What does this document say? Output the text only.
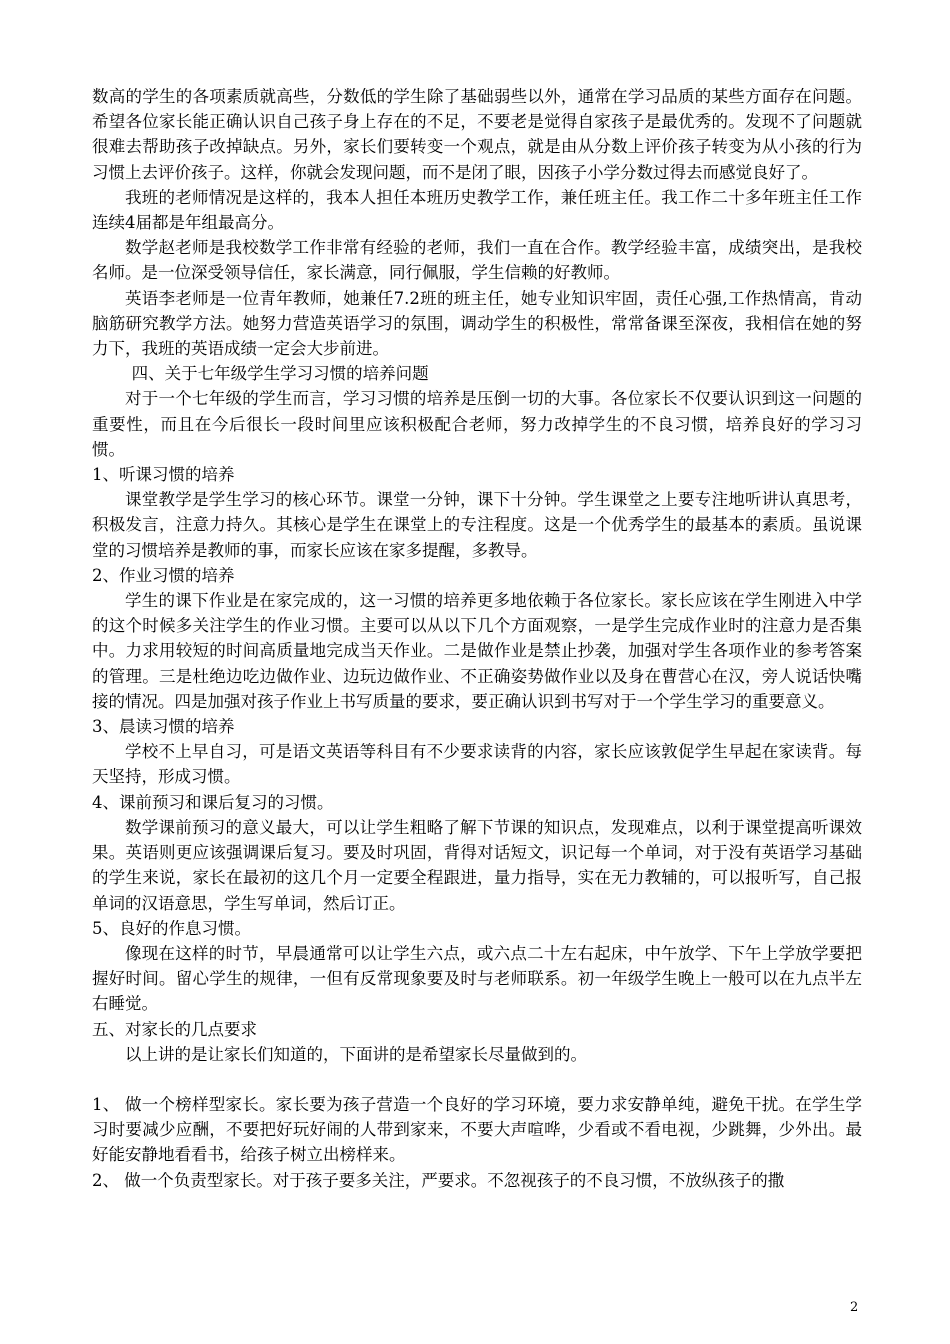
数高的学生的各项素质就高些，分数低的学生除了基础弱些以外，通常在学习品质的某些方面存在问题。希望各位家长能正确认识自己孩子身上存在的不足，不要老是觉得自家孩子是最优秀的。发现不了问题就很难去帮助孩子改掉缺点。另外，家长们要转变一个观点，就是由从分数上评价孩子转变为从小孩的行为习惯上去评价孩子。这样，你就会发现问题，而不是闭了眼，因孩子小学分数过得去而感觉良好了。

我班的老师情况是这样的，我本人担任本班历史教学工作，兼任班主任。我工作二十多年班主任工作连续4届都是年组最高分。

数学赵老师是我校数学工作非常有经验的老师，我们一直在合作。教学经验丰富，成绩突出，是我校名师。是一位深受领导信任，家长满意，同行佩服，学生信赖的好教师。

英语李老师是一位青年教师，她兼任7.2班的班主任，她专业知识牢固，责任心强,工作热情高，肯动脑筋研究教学方法。她努力营造英语学习的氛围，调动学生的积极性，常常备课至深夜，我相信在她的努力下，我班的英语成绩一定会大步前进。

四、关于七年级学生学习习惯的培养问题

对于一个七年级的学生而言，学习习惯的培养是压倒一切的大事。各位家长不仅要认识到这一问题的重要性，而且在今后很长一段时间里应该积极配合老师，努力改掉学生的不良习惯，培养良好的学习习惯。

1、听课习惯的培养

课堂教学是学生学习的核心环节。课堂一分钟，课下十分钟。学生课堂之上要专注地听讲认真思考，积极发言，注意力持久。其核心是学生在课堂上的专注程度。这是一个优秀学生的最基本的素质。虽说课堂的习惯培养是教师的事，而家长应该在家多提醒，多教导。

2、作业习惯的培养

学生的课下作业是在家完成的，这一习惯的培养更多地依赖于各位家长。家长应该在学生刚进入中学的这个时候多关注学生的作业习惯。主要可以从以下几个方面观察，一是学生完成作业时的注意力是否集中。力求用较短的时间高质量地完成当天作业。二是做作业是禁止抄袭，加强对学生各项作业的参考答案的管理。三是杜绝边吃边做作业、边玩边做作业、不正确姿势做作业以及身在曹营心在汉，旁人说话快嘴接的情况。四是加强对孩子作业上书写质量的要求，要正确认识到书写对于一个学生学习的重要意义。

3、晨读习惯的培养

学校不上早自习，可是语文英语等科目有不少要求读背的内容，家长应该敦促学生早起在家读背。每天坚持，形成习惯。

4、课前预习和课后复习的习惯。

数学课前预习的意义最大，可以让学生粗略了解下节课的知识点，发现难点，以利于课堂提高听课效果。英语则更应该强调课后复习。要及时巩固，背得对话短文，识记每一个单词，对于没有英语学习基础的学生来说，家长在最初的这几个月一定要全程跟进，量力指导，实在无力教辅的，可以报听写，自己报单词的汉语意思，学生写单词，然后订正。

5、良好的作息习惯。

像现在这样的时节，早晨通常可以让学生六点，或六点二十左右起床，中午放学、下午上学放学要把握好时间。留心学生的规律，一但有反常现象要及时与老师联系。初一年级学生晚上一般可以在九点半左右睡觉。

五、对家长的几点要求

以上讲的是让家长们知道的，下面讲的是希望家长尽量做到的。

1、 做一个榜样型家长。家长要为孩子营造一个良好的学习环境，要力求安静单纯，避免干扰。在学生学习时要减少应酬，不要把好玩好闹的人带到家来，不要大声喧哗，少看或不看电视，少跳舞，少外出。最好能安静地看看书，给孩子树立出榜样来。

2、 做一个负责型家长。对于孩子要多关注，严要求。不忽视孩子的不良习惯，不放纵孩子的撒

2
